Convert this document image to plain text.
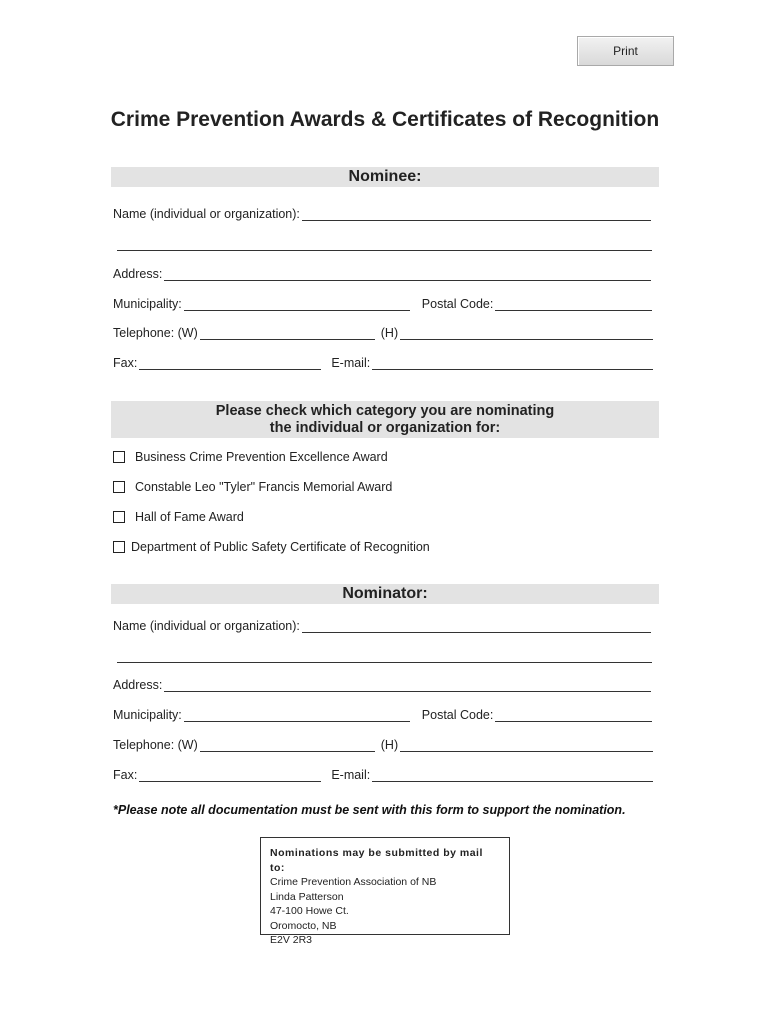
Print
Crime Prevention Awards & Certificates of Recognition
Nominee:
Name (individual or organization):
Address:
Municipality:	Postal Code:
Telephone: (W)	(H)
Fax:	E-mail:
Please check which category you are nominating
the individual or organization for:
Business Crime Prevention Excellence Award
Constable Leo "Tyler" Francis Memorial Award
Hall of Fame Award
Department of Public Safety Certificate of Recognition
Nominator:
Name (individual or organization):
Address:
Municipality:	Postal Code:
Telephone: (W)	(H)
Fax:	E-mail:
*Please note all documentation must be sent with this form to support the nomination.
Nominations may be submitted by mail to:
Crime Prevention Association of NB
Linda Patterson
47-100 Howe Ct.
Oromocto, NB
E2V 2R3
